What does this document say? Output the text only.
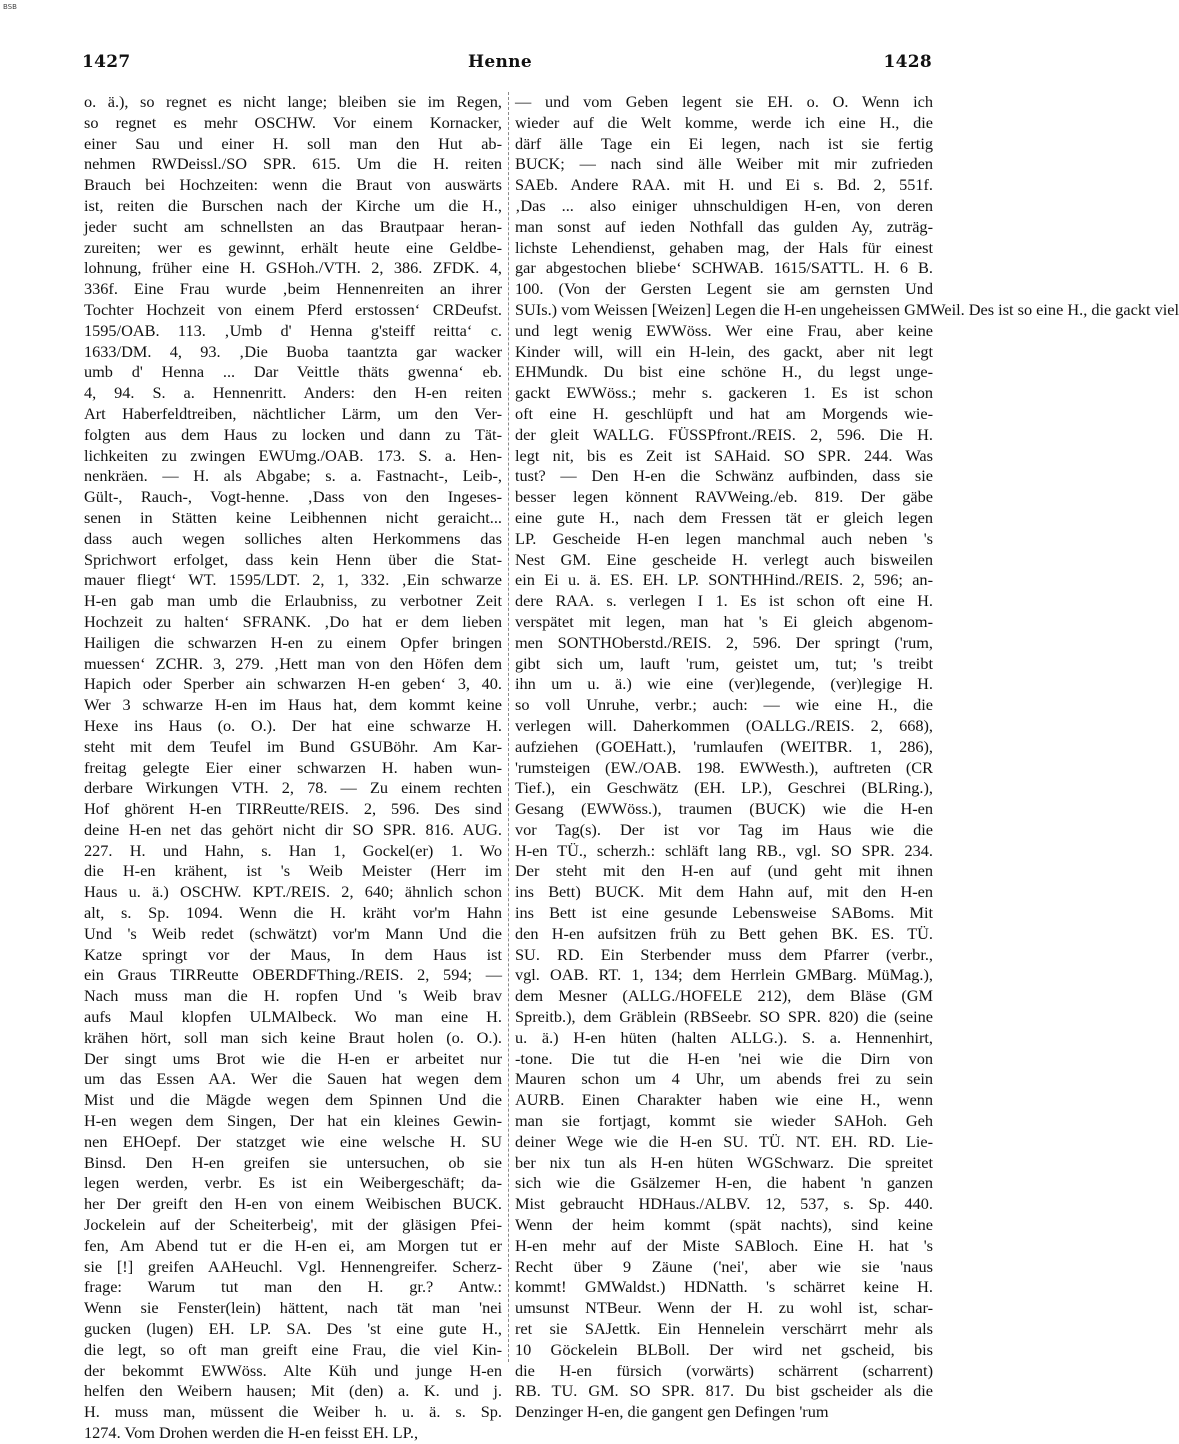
BSB
1427	Henne	1428
o. ä.), so regnet es nicht lange; bleiben sie im Regen,
so regnet es mehr OSCHW. Vor einem Kornacker,
einer Sau und einer H. soll man den Hut ab-
nehmen RWDeissl./SO SPR. 615. Um die H. reiten
Brauch bei Hochzeiten: wenn die Braut von auswärts
ist, reiten die Burschen nach der Kirche um die H.,
jeder sucht am schnellsten an das Brautpaar heran-
zureiten; wer es gewinnt, erhält heute eine Geldbe-
lohnung, früher eine H. GSHoh./VTH. 2, 386. ZFDK. 4,
336f. Eine Frau wurde ‚beim Hennenreiten an ihrer
Tochter Hochzeit von einem Pferd erstossen‘ CRDeufst.
1595/OAB. 113. ‚Umb d' Henna g'steiff reitta‘ c.
1633/DM. 4, 93. ‚Die Buoba taantzta gar wacker
umb d' Henna ... Dar Veittle thäts gwenna‘ eb.
4, 94. S. a. Hennenritt. Anders: den H-en reiten
Art Haberfeldtreiben, nächtlicher Lärm, um den Ver-
folgten aus dem Haus zu locken und dann zu Tät-
lichkeiten zu zwingen EWUmg./OAB. 173. S. a. Hen-
nenkräen. — H. als Abgabe; s. a. Fastnacht-, Leib-,
Gült-, Rauch-, Vogt-henne. ‚Dass von den Ingeses-
senen in Stätten keine Leibhennen nicht geraicht...
dass auch wegen solliches alten Herkommens das
Sprichwort erfolget, dass kein Henn über die Stat-
mauer fliegt‘ WT. 1595/LDT. 2, 1, 332. ‚Ein schwarze
H-en gab man umb die Erlaubniss, zu verbotner Zeit
Hochzeit zu halten‘ SFRANK. ‚Do hat er dem lieben
Hailigen die schwarzen H-en zu einem Opfer bringen
muessen‘ ZCHR. 3, 279. ‚Hett man von den Höfen dem
Hapich oder Sperber ain schwarzen H-en geben‘ 3, 40.
Wer 3 schwarze H-en im Haus hat, dem kommt keine
Hexe ins Haus (o. O.). Der hat eine schwarze H.
steht mit dem Teufel im Bund GSUBöhr. Am Kar-
freitag gelegte Eier einer schwarzen H. haben wun-
derbare Wirkungen VTH. 2, 78. — Zu einem rechten
Hof ghörent H-en TIRReutte/REIS. 2, 596. Des sind
deine H-en net das gehört nicht dir SO SPR. 816. AUG.
227. H. und Hahn, s. Han 1, Gockel(er) 1. Wo
die H-en krähent, ist 's Weib Meister (Herr im
Haus u. ä.) OSCHW. KPT./REIS. 2, 640; ähnlich schon
alt, s. Sp. 1094. Wenn die H. kräht vor'm Hahn
Und 's Weib redet (schwätzt) vor'm Mann Und die
Katze springt vor der Maus, In dem Haus ist
ein Graus TIRReutte OBERDFThing./REIS. 2, 594; —
Nach muss man die H. ropfen Und 's Weib brav
aufs Maul klopfen ULMAlbeck. Wo man eine H.
krähen hört, soll man sich keine Braut holen (o. O.).
Der singt ums Brot wie die H-en er arbeitet nur
um das Essen AA. Wer die Sauen hat wegen dem
Mist und die Mägde wegen dem Spinnen Und die
H-en wegen dem Singen, Der hat ein kleines Gewin-
nen EHOepf. Der statzget wie eine welsche H. SU
Binsd. Den H-en greifen sie untersuchen, ob sie
legen werden, verbr. Es ist ein Weibergeschäft; da-
her Der greift den H-en von einem Weibischen BUCK.
Jockelein auf der Scheiterbeig', mit der gläsigen Pfei-
fen, Am Abend tut er die H-en ei, am Morgen tut er
sie [!] greifen AAHeuchl. Vgl. Hennengreifer. Scherz-
frage: Warum tut man den H. gr.? Antw.:
Wenn sie Fenster(lein) hättent, nach tät man 'nei
gucken (lugen) EH. LP. SA. Des 'st eine gute H.,
die legt, so oft man greift eine Frau, die viel Kin-
der bekommt EWWöss. Alte Küh und junge H-en
helfen den Weibern hausen; Mit (den) a. K. und j.
H. muss man, müssent die Weiber h. u. ä. s. Sp.
1274. Vom Drohen werden die H-en feisst EH. LP.,
— und vom Geben legent sie EH. o. O. Wenn ich
wieder auf die Welt komme, werde ich eine H., die
därf älle Tage ein Ei legen, nach ist sie fertig
BUCK; — nach sind älle Weiber mit mir zufrieden
SAEb. Andere RAA. mit H. und Ei s. Bd. 2, 551f.
‚Das ... also einiger uhnschuldigen H-en, von deren
man sonst auf ieden Nothfall das gulden Ay, zuträg-
lichste Lehendienst, gehaben mag, der Hals für einest
gar abgestochen bliebe‘ SCHWAB. 1615/SATTL. H. 6 B.
100. (Von der Gersten Legent sie am gernsten Und
SUIs.) vom Weissen [Weizen] Legen die H-en ungeheissen GMWeil. Des ist so eine H., die gackt viel
und legt wenig EWWöss. Wer eine Frau, aber keine
Kinder will, will ein H-lein, des gackt, aber nit legt
EHMundk. Du bist eine schöne H., du legst unge-
gackt EWWöss.; mehr s. gackeren 1. Es ist schon
oft eine H. geschlüpft und hat am Morgends wie-
der gleit WALLG. FÜSSPfront./REIS. 2, 596. Die H.
legt nit, bis es Zeit ist SAHaid. SO SPR. 244. Was
tust? — Den H-en die Schwänz aufbinden, dass sie
besser legen könnent RAVWeing./eb. 819. Der gäbe
eine gute H., nach dem Fressen tät er gleich legen
LP. Gescheide H-en legen manchmal auch neben 's
Nest GM. Eine gescheide H. verlegt auch bisweilen
ein Ei u. ä. ES. EH. LP. SONTHHind./REIS. 2, 596; an-
dere RAA. s. verlegen I 1. Es ist schon oft eine H.
verspätet mit legen, man hat 's Ei gleich abgenom-
men SONTHOberstd./REIS. 2, 596. Der springt ('rum,
gibt sich um, lauft 'rum, geistet um, tut; 's treibt
ihn um u. ä.) wie eine (ver)legende, (ver)legige H.
so voll Unruhe, verbr.; auch: — wie eine H., die
verlegen will. Daherkommen (OALLG./REIS. 2, 668),
aufziehen (GOEHatt.), 'rumlaufen (WEITBR. 1, 286),
'rumsteigen (EW./OAB. 198. EWWesth.), auftreten (CR
Tief.), ein Geschwätz (EH. LP.), Geschrei (BLRing.),
Gesang (EWWöss.), traumen (BUCK) wie die H-en
vor Tag(s). Der ist vor Tag im Haus wie die
H-en TÜ., scherzh.: schläft lang RB., vgl. SO SPR. 234.
Der steht mit den H-en auf (und geht mit ihnen
ins Bett) BUCK. Mit dem Hahn auf, mit den H-en
ins Bett ist eine gesunde Lebensweise SABoms. Mit
den H-en aufsitzen früh zu Bett gehen BK. ES. TÜ.
SU. RD. Ein Sterbender muss dem Pfarrer (verbr.,
vgl. OAB. RT. 1, 134; dem Herrlein GMBarg. MüMag.),
dem Mesner (ALLG./HOFELE 212), dem Bläse (GM
Spreitb.), dem Gräblein (RBSeebr. SO SPR. 820) die (seine
u. ä.) H-en hüten (halten ALLG.). S. a. Hennenhirt,
-tone. Die tut die H-en 'nei wie die Dirn von
Mauren schon um 4 Uhr, um abends frei zu sein
AURB. Einen Charakter haben wie eine H., wenn
man sie fortjagt, kommt sie wieder SAHoh. Geh
deiner Wege wie die H-en SU. TÜ. NT. EH. RD. Lie-
ber nix tun als H-en hüten WGSchwarz. Die spreitet
sich wie die Gsälzemer H-en, die habent 'n ganzen
Mist gebraucht HDHaus./ALBV. 12, 537, s. Sp. 440.
Wenn der heim kommt (spät nachts), sind keine
H-en mehr auf der Miste SABloch. Eine H. hat 's
Recht über 9 Zäune ('nei', aber wie sie 'naus
kommt! GMWaldst.) HDNatth. 's schärret keine H.
umsunst NTBeur. Wenn der H. zu wohl ist, schar-
ret sie SAJettk. Ein Hennelein verschärrt mehr als
10 Göckelein BLBoll. Der wird net gscheid, bis
die H-en fürsich (vorwärts) schärrent (scharrent)
RB. TU. GM. SO SPR. 817. Du bist gscheider als die
Denzinger H-en, die gangent gen Defingen 'rum
